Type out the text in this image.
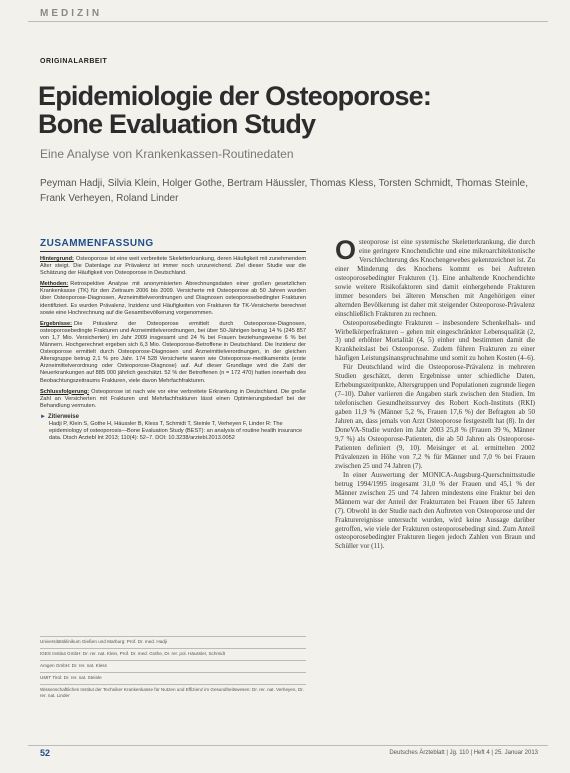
MEDIZIN
ORIGINALARBEIT
Epidemiologie der Osteoporose:
Bone Evaluation Study
Eine Analyse von Krankenkassen-Routinedaten
Peyman Hadji, Silvia Klein, Holger Gothe, Bertram Häussler, Thomas Kless, Torsten Schmidt, Thomas Steinle, Frank Verheyen, Roland Linder
ZUSAMMENFASSUNG

Hintergrund: Osteoporose ist eine weit verbreitete Skeletterkrankung, deren Häufigkeit mit zunehmendem Alter steigt. Die Datenlage zur Prävalenz ist immer noch unzureichend. Ziel dieser Studie war die Schätzung der Häufigkeit von Osteoporose in Deutschland.

Methoden: Retrospektive Analyse mit anonymisierten Abrechnungsdaten einer großen gesetzlichen Krankenkasse (TK) für den Zeitraum 2006 bis 2009. Versicherte mit Osteoporose ab 50 Jahren wurden über Osteoporose-Diagnosen, Arzneimittelverordnungen und Diagnosen osteoporosebedingter Frakturen identifiziert. Es wurden Prävalenz, Inzidenz und Häufigkeiten von Frakturen für TK-Versicherte berechnet sowie eine Hochrechnung auf die Gesamtbevölkerung vorgenommen.

Ergebnisse: Die Prävalenz der Osteoporose ermittelt durch Osteoporose-Diagnosen, osteoporosebedingte Frakturen und Arzneimittelverordnungen, bei über 50-Jährigen betrug 14 % (245 857 von 1,7 Mio. Versicherten) im Jahr 2009 insgesamt und 24 % bei Frauen beziehungsweise 6 % bei Männern. Hochgerechnet ergeben sich 6,3 Mio. Osteoporose-Betroffene in Deutschland. Die Inzidenz der Osteoporose ermittelt durch Osteoporose-Diagnosen und Arzneimittelverordnungen, in der gleichen Altersgruppe betrug 2,1 % pro Jahr. 174 528 Versicherte waren wie Osteoporose-medikamentös (erste Arzneimittelverordnung oder Osteoporose-Diagnose) auf. Auf dieser Grundlage wird die Zahl der Neuerkrankungen auf 885 000 jährlich geschätzt. 52 % der Betroffenen (n = 172 470) hatten innerhalb des Beobachtungszeitraums Frakturen, viele davon Mehrfachfrakturen.

Schlussfolgerung: Osteoporose ist nach wie vor eine verbreitete Erkrankung in Deutschland. Die große Zahl an Versicherten mit Frakturen und Mehrfachfrakturen lässt einen Optimierungsbedarf bei der Behandlung vermuten.

► Zitierweise
Hadji P, Klein S, Gothe H, Häussler B, Kless T, Schmidt T, Steinle T, Verheyen F, Linder R: The epidemiology of osteoporosis—Bone Evaluation Study (BEST): an analysis of routine health insurance data. Dtsch Arztebl Int 2013; 110(4): 52–7. DOI: 10.3238/arztebl.2013.0052
Universitätsklinikum Gießen und Marburg: Prof. Dr. med. Hadji
IGES Institut GmbH: Dr. rer. nat. Klein, Prof. Dr. med. Gothe, Dr. rer. pol. Häussler, Schmidt
Amgen GmbH: Dr. rer. nat. Kless
UMIT Tirol: Dr. rer. nat. Steinle
Wissenschaftliches Institut der Techniker Krankenkasse für Nutzen und Effizienz im Gesundheitswesen: Dr. rer. nat. Verheyen, Dr. rer. nat. Linder

Osteoporose ist eine systemische Skeletterkrankung, die durch eine geringere Knochendichte und eine mikroarchitektonische Verschlechterung des Knochengewebes gekennzeichnet ist. Zu einer Minderung des Knochens kommt es bei Auftreten osteoporosebedingter Frakturen (1). Eine anhaltende Knochendichte sowie weitere Risikofaktoren sind damit einhergehende Frakturen immer besonders bei älteren Menschen mit Angehörigen einer alternden Bevölkerung ist daher mit steigender Osteoporose-Prävalenz einschließlich Frakturen zu rechnen.

Osteoporosebedingte Frakturen – insbesondere Schenkelhals- und Wirbelkörperfrakturen – gehen mit eingeschränkter Lebensqualität (2, 3) und erhöhter Mortalität (4, 5) einher und bestimmen damit die Krankheitslast bei Osteoporose. Zudem führen Frakturen zu einer häufigen Leistungsinanspruchnahme und somit zu hohen Kosten (4–6).

Für Deutschland wird die Osteoporose-Prävalenz in mehreren Studien geschätzt, deren Ergebnisse unter schiedliche Daten, Erhebungszeitpunkte, Altersgruppen und Populationen zugrunde liegen (7–10). Daher variieren die Angaben stark zwischen den Studien. Im telefonischen Gesundheitssurvey des Robert Koch-Instituts (RKI) gaben 11,9 % (Männer 5,2 %, Frauen 17,6 %) der Befragten ab 50 Jahren an, dass jemals von Arzt Osteoporose festgestellt hat (8). In der DoneVA-Studie wurden im Jahr 2003 25,8 % (Frauen 39 %, Männer 9,7 %) als Osteoporose-Patienten, die ab 50 Jahren als Osteoporose-Patienten definiert (9, 10). Meisinger et al. ermittelten 2002 Prävalenzen in Höhe von 7,2 % für Männer und 7,0 % bei Frauen zwischen 25 und 74 Jahren (7).

In einer Auswertung der MONICA-Augsburg-Querschnittsstudie betrug 1994/1995 insgesamt 31,0 % der Frauen und 45,1 % der Männer zwischen 25 und 74 Jahren mindestens eine Fraktur bei den Männern war der Anteil der Frakturraten bei Frauen über 65 Jahren (7). Obwohl in der Studie nach den Auftreten von Osteoporose und der Frakturereignisse untersucht wurden, wird keine Aussage darüber getroffen, wie viele der Frakturen osteoporosebedingt sind. Zum Anteil osteoporosebedingter Frakturen liegen jedoch Zahlen von Braun und Schüller vor (11).

52	Deutsches Ärzteblatt | Jg. 110 | Heft 4 | 25. Januar 2013
